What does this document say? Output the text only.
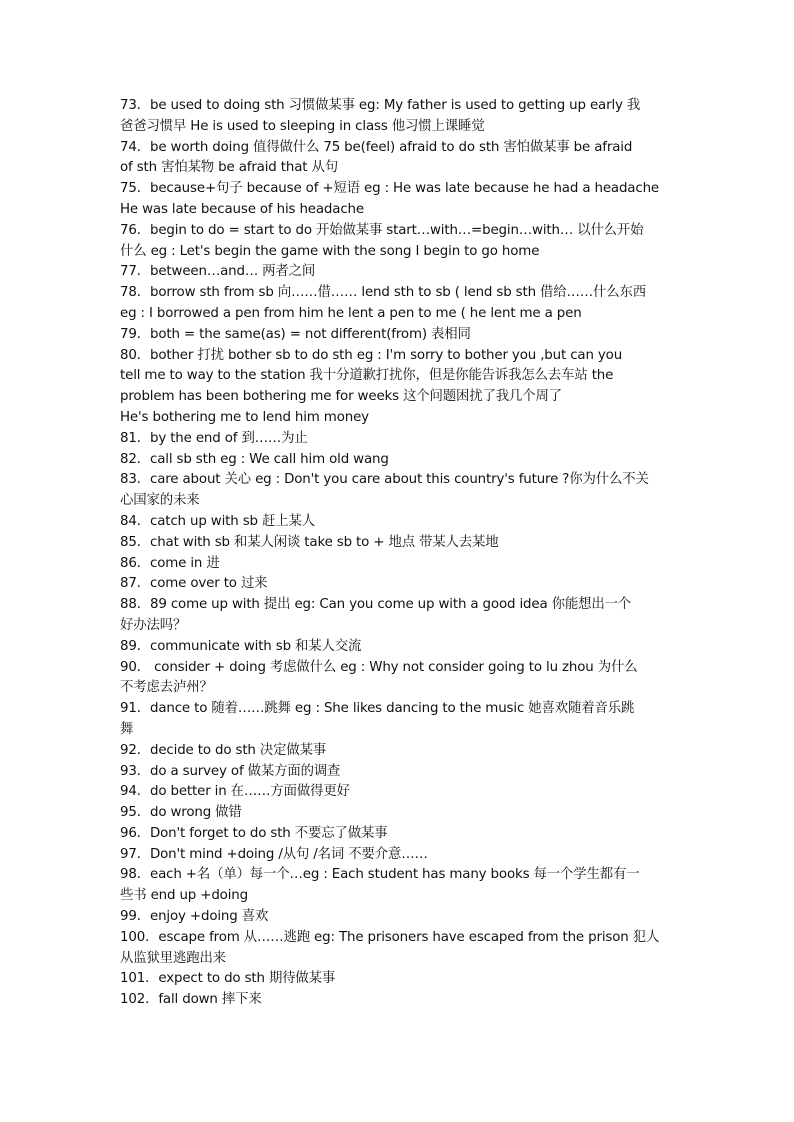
73．be used to doing sth 习惯做某事 eg: My father is used to getting up early 我
爸爸习惯早 He is used to sleeping in class 他习惯上课睡觉
74．be worth doing 值得做什么 75 be(feel) afraid to do sth 害怕做某事 be afraid
of sth 害怕某物 be afraid that 从句
75．because+句子 because of +短语 eg : He was late because he had a headache
He was late because of his headache
76．begin to do = start to do 开始做某事 start…with…=begin…with… 以什么开始
什么 eg : Let's begin the game with the song I begin to go home
77．between…and… 两者之间
78．borrow sth from sb 向……借…… lend sth to sb ( lend sb sth 借给……什么东西
eg : I borrowed a pen from him he lent a pen to me ( he lent me a pen
79．both = the same(as) = not different(from) 表相同
80．bother 打扰 bother sb to do sth eg : I'm sorry to bother you ,but can you
tell me to way to the station 我十分道歉打扰你，但是你能告诉我怎么去车站 the
problem has been bothering me for weeks 这个问题困扰了我几个周了
He's bothering me to lend him money
81．by the end of 到……为止
82．call sb sth eg : We call him old wang
83．care about 关心 eg : Don't you care about this country's future ?你为什么不关
心国家的未来
84．catch up with sb 赶上某人
85．chat with sb 和某人闲谈 take sb to + 地点 带某人去某地
86．come in 进
87．come over to 过来
88．89 come up with 提出 eg: Can you come up with a good idea 你能想出一个
好办法吗？
89．communicate with sb 和某人交流
90． consider + doing 考虑做什么 eg : Why not consider going to lu zhou 为什么
不考虑去泸州？
91．dance to 随着……跳舞 eg : She likes dancing to the music 她喜欢随着音乐跳
舞
92．decide to do sth 决定做某事
93．do a survey of 做某方面的调查
94．do better in 在……方面做得更好
95．do wrong 做错
96．Don't forget to do sth 不要忘了做某事
97．Don't mind +doing /从句 /名词 不要介意……
98．each +名（单）每一个…eg : Each student has many books 每一个学生都有一
些书 end up +doing
99．enjoy +doing 喜欢
100．escape from 从……逃跑 eg: The prisoners have escaped from the prison 犯人
从监狱里逃跑出来
101．expect to do sth 期待做某事
102．fall down 摔下来
